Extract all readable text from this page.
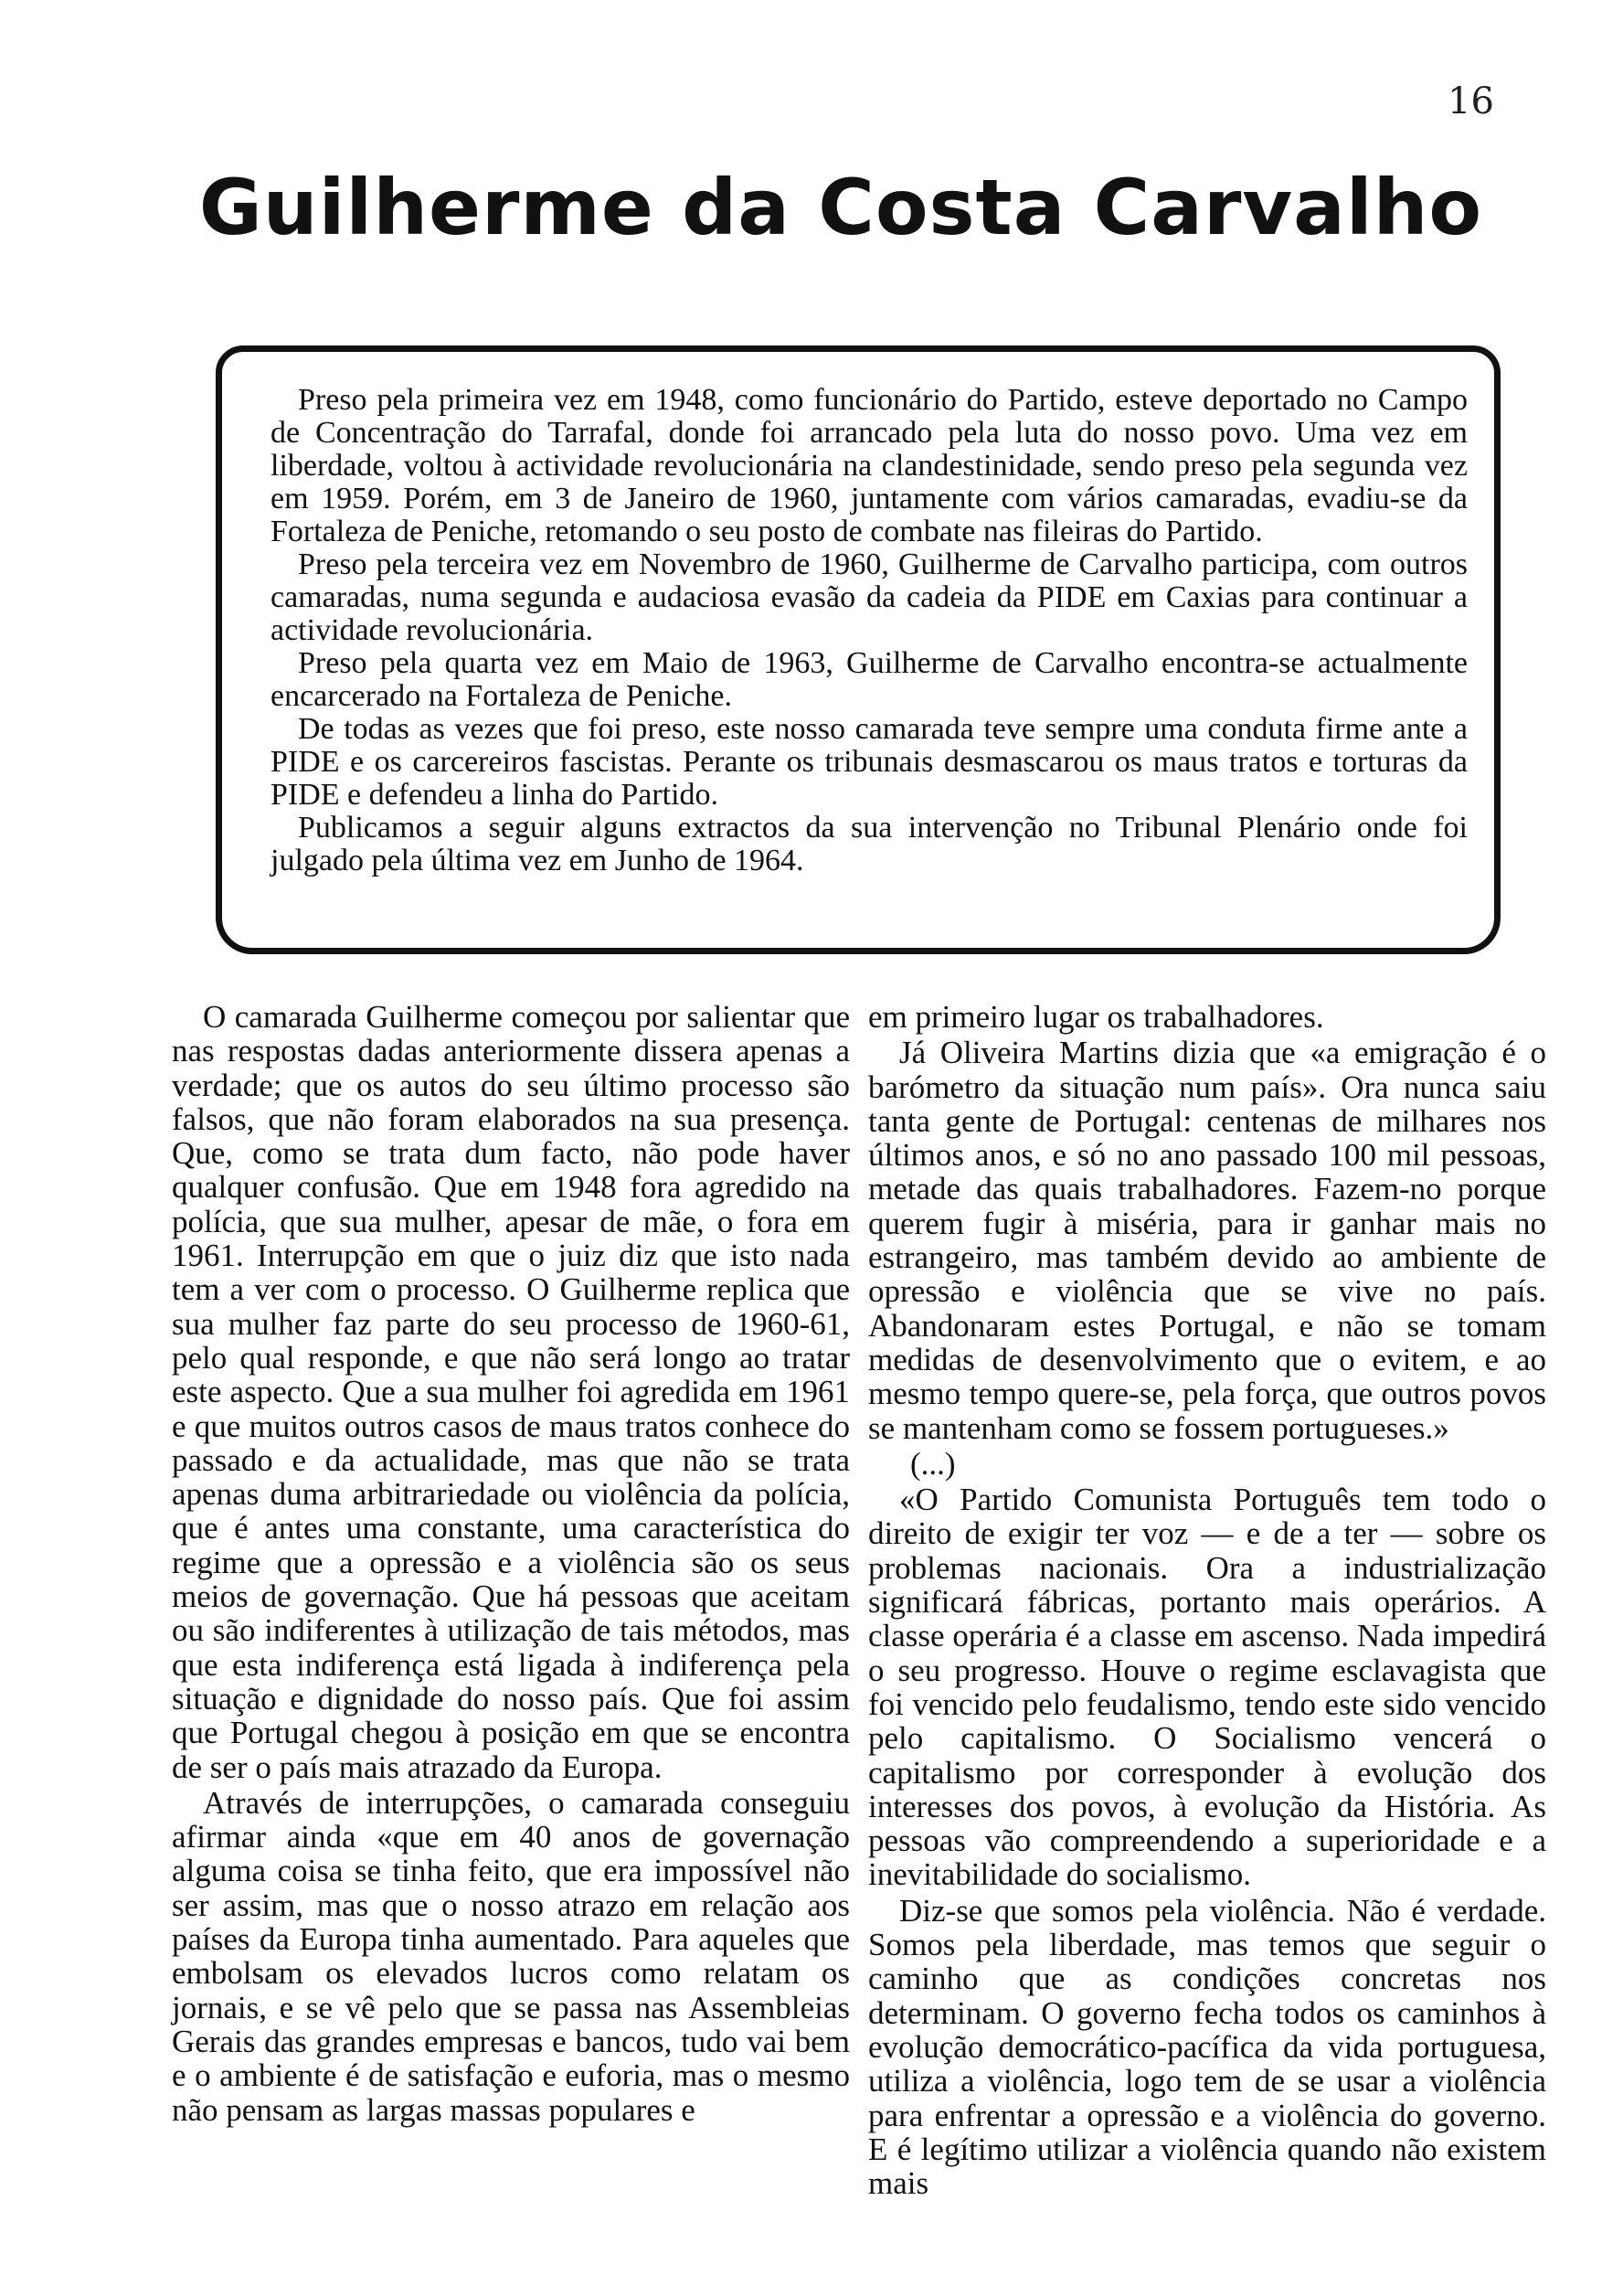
16
Guilherme da Costa Carvalho

Preso pela primeira vez em 1948, como funcionário do Partido, esteve deportado no Campo de Concentração do Tarrafal, donde foi arrancado pela luta do nosso povo. Uma vez em liberdade, voltou à actividade revolucionária na clandestinidade, sendo preso pela segunda vez em 1959. Porém, em 3 de Janeiro de 1960, juntamente com vários camaradas, evadiu-se da Fortaleza de Peniche, retomando o seu posto de combate nas fileiras do Partido.

Preso pela terceira vez em Novembro de 1960, Guilherme de Carvalho participa, com outros camaradas, numa segunda e audaciosa evasão da cadeia da PIDE em Caxias para continuar a actividade revolucionária.

Preso pela quarta vez em Maio de 1963, Guilherme de Carvalho encontra-se actualmente encarcerado na Fortaleza de Peniche.

De todas as vezes que foi preso, este nosso camarada teve sempre uma conduta firme ante a PIDE e os carcereiros fascistas. Perante os tribunais desmascarou os maus tratos e torturas da PIDE e defendeu a linha do Partido.

Publicamos a seguir alguns extractos da sua intervenção no Tribunal Plenário onde foi julgado pela última vez em Junho de 1964.

O camarada Guilherme começou por salientar que nas respostas dadas anteriormente dissera apenas a verdade; que os autos do seu último processo são falsos, que não foram elaborados na sua presença. Que, como se trata dum facto, não pode haver qualquer confusão. Que em 1948 fora agredido na polícia, que sua mulher, apesar de mãe, o fora em 1961. Interrupção em que o juiz diz que isto nada tem a ver com o processo. O Guilherme replica que sua mulher faz parte do seu processo de 1960-61, pelo qual responde, e que não será longo ao tratar este aspecto. Que a sua mulher foi agredida em 1961 e que muitos outros casos de maus tratos conhece do passado e da actualidade, mas que não se trata apenas duma arbitrariedade ou violência da polícia, que é antes uma constante, uma característica do regime que a opressão e a violência são os seus meios de governação. Que há pessoas que aceitam ou são indiferentes à utilização de tais métodos, mas que esta indiferença está ligada à indiferença pela situação e dignidade do nosso país. Que foi assim que Portugal chegou à posição em que se encontra de ser o país mais atrazado da Europa.

Através de interrupções, o camarada conseguiu afirmar ainda «que em 40 anos de governação alguma coisa se tinha feito, que era impossível não ser assim, mas que o nosso atrazo em relação aos países da Europa tinha aumentado. Para aqueles que embolsam os elevados lucros como relatam os jornais, e se vê pelo que se passa nas Assembleias Gerais das grandes empresas e bancos, tudo vai bem e o ambiente é de satisfação e euforia, mas o mesmo não pensam as largas massas populares e

em primeiro lugar os trabalhadores.

Já Oliveira Martins dizia que «a emigração é o barómetro da situação num país». Ora nunca saiu tanta gente de Portugal: centenas de milhares nos últimos anos, e só no ano passado 100 mil pessoas, metade das quais trabalhadores. Fazem-no porque querem fugir à miséria, para ir ganhar mais no estrangeiro, mas também devido ao ambiente de opressão e violência que se vive no país. Abandonaram estes Portugal, e não se tomam medidas de desenvolvimento que o evitem, e ao mesmo tempo quere-se, pela força, que outros povos se mantenham como se fossem portugueses.»

(...)

«O Partido Comunista Português tem todo o direito de exigir ter voz — e de a ter — sobre os problemas nacionais. Ora a industrialização significará fábricas, portanto mais operários. A classe operária é a classe em ascenso. Nada impedirá o seu progresso. Houve o regime esclavagista que foi vencido pelo feudalismo, tendo este sido vencido pelo capitalismo. O Socialismo vencerá o capitalismo por corresponder à evolução dos interesses dos povos, à evolução da História. As pessoas vão compreendendo a superioridade e a inevitabilidade do socialismo.

Diz-se que somos pela violência. Não é verdade. Somos pela liberdade, mas temos que seguir o caminho que as condições concretas nos determinam. O governo fecha todos os caminhos à evolução democrático-pacífica da vida portuguesa, utiliza a violência, logo tem de se usar a violência para enfrentar a opressão e a violência do governo. E é legítimo utilizar a violência quando não existem mais
